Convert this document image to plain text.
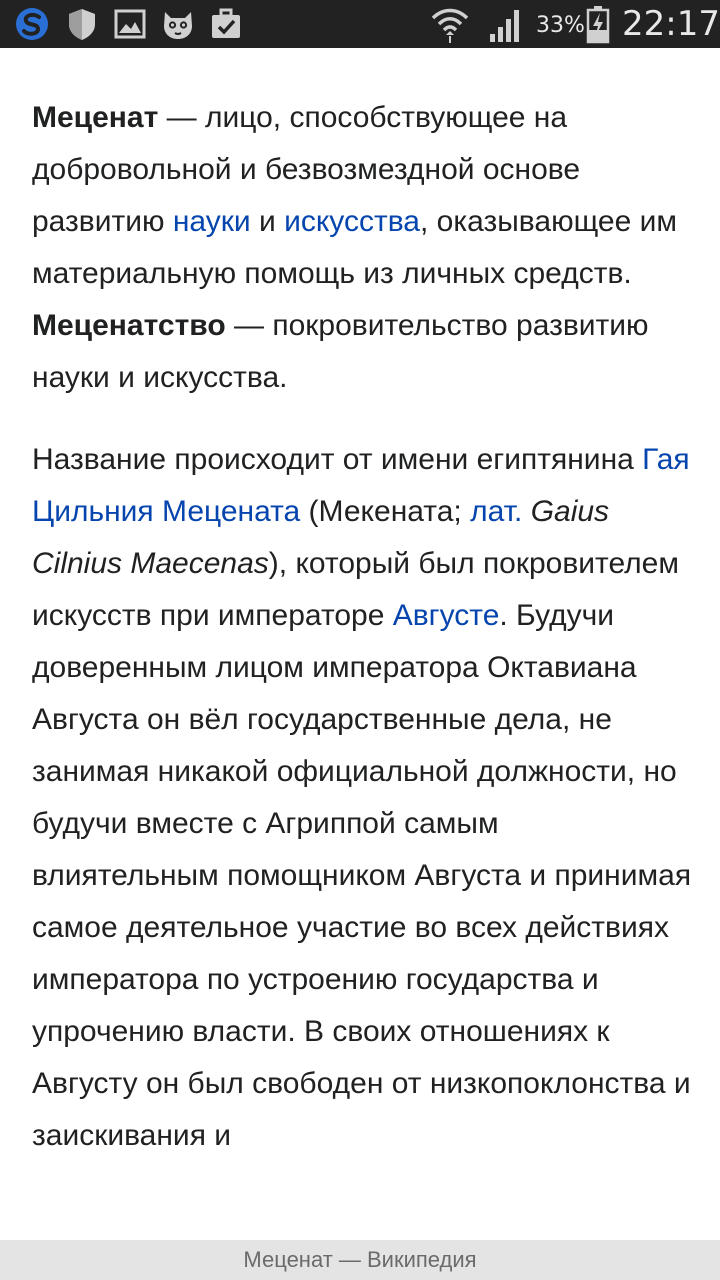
33% 22:17

Меценат — лицо, способствующее на добровольной и безвозмездной основе развитию науки и искусства, оказывающее им материальную помощь из личных средств.

Меценатство — покровительство развитию науки и искусства.

Название происходит от имени египтянина Гая Цильния Мецената (Мекената; лат. Gaius Cilnius Maecenas), который был покровителем искусств при императоре Августе. Будучи доверенным лицом императора Октавиана Августа он вёл государственные дела, не занимая никакой официальной должности, но будучи вместе с Агриппой самым влиятельным помощником Августа и принимая самое деятельное участие во всех действиях императора по устроению государства и упрочению власти. В своих отношениях к Августу он был свободен от низкопоклонства и заискивания и

Меценат — Википедия
